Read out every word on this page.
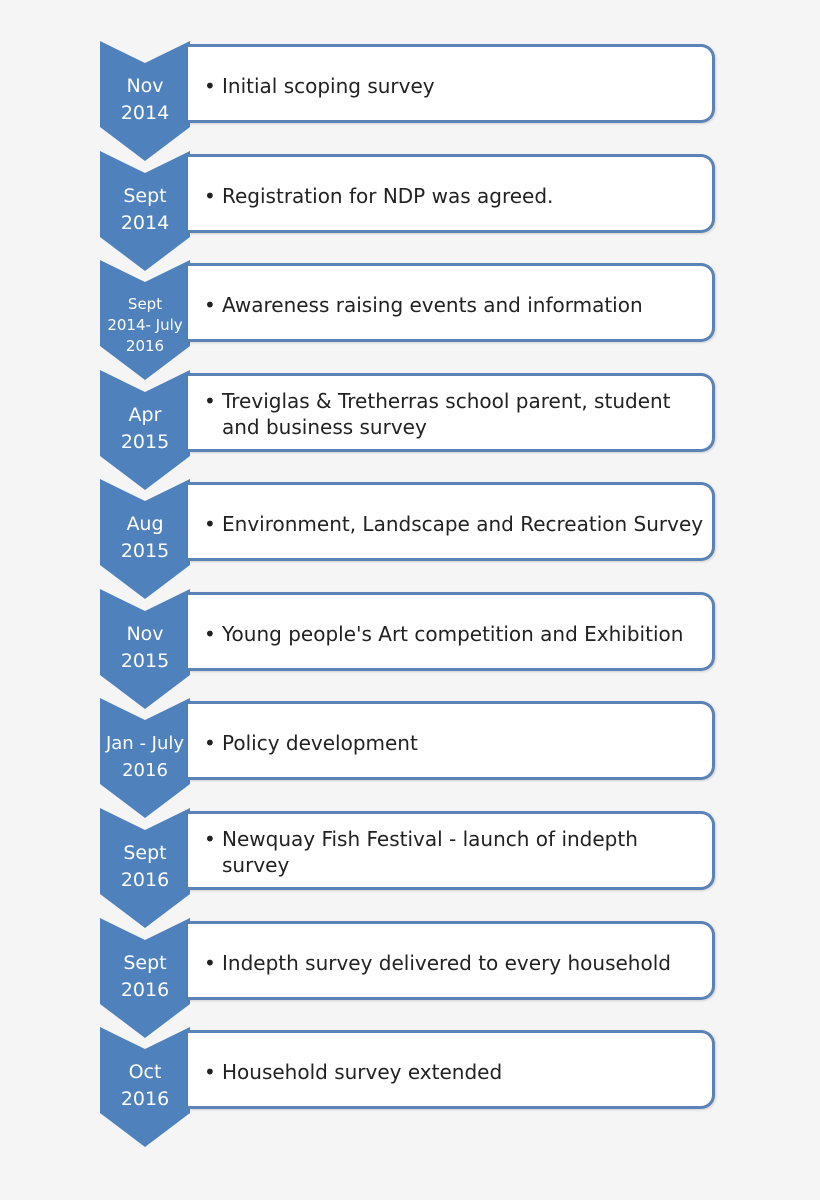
Nov
2014
• Initial scoping survey
Sept
2014
• Registration for NDP was agreed.
Sept
2014- July
2016
• Awareness raising events and information
Apr
2015
• Treviglas & Tretherras school parent, student and business survey
Aug
2015
• Environment, Landscape and Recreation Survey
Nov
2015
• Young people's Art competition and Exhibition
Jan - July
2016
• Policy development
Sept
2016
• Newquay Fish Festival - launch of indepth survey
Sept
2016
• Indepth survey delivered to every household
Oct
2016
• Household survey extended
